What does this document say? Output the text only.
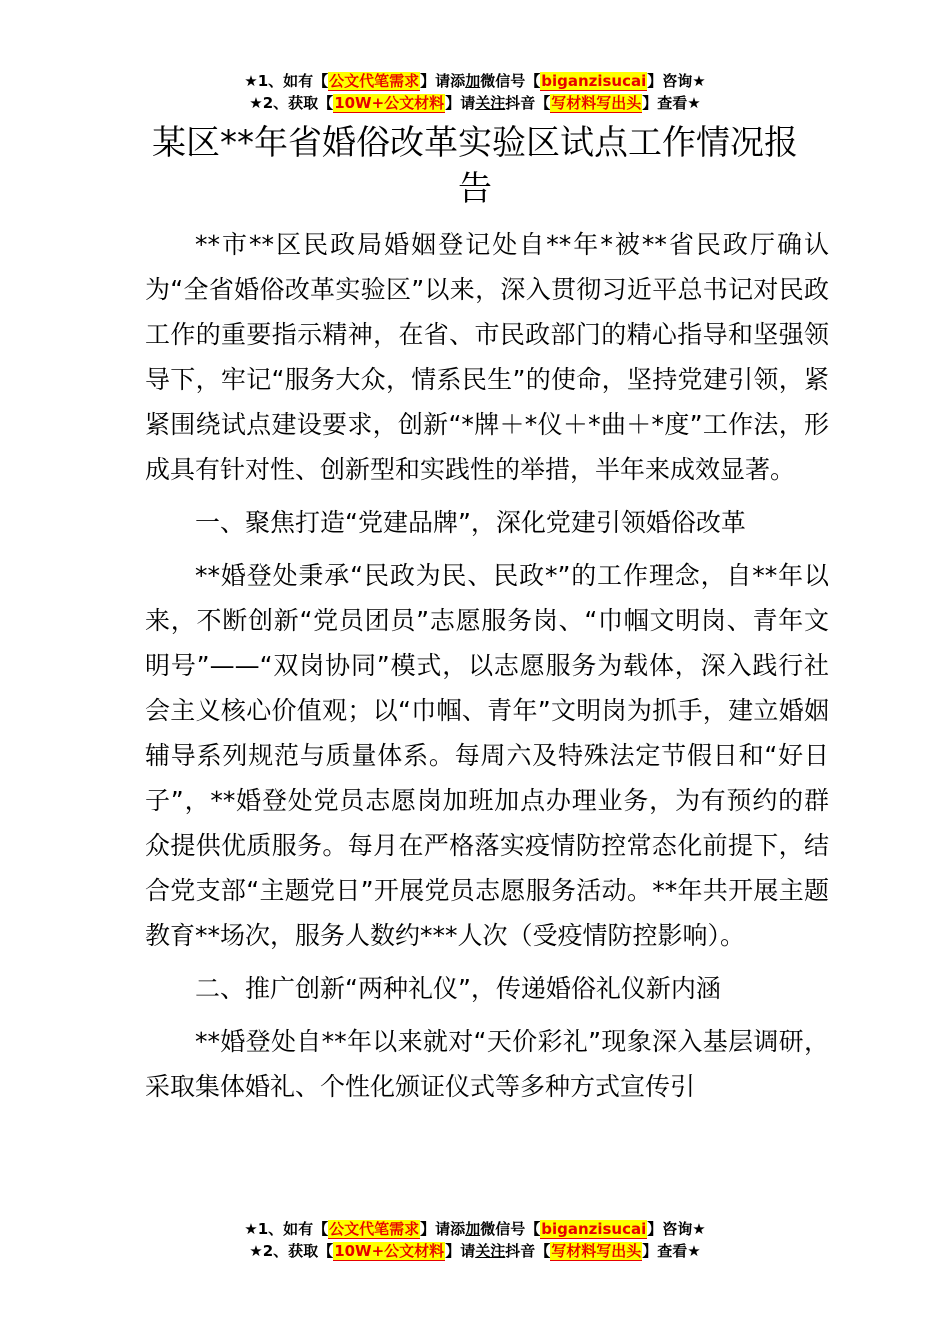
★1、如有【公文代笔需求】请添加微信号【biganzisucai】咨询★
★2、获取【10W+公文材料】请关注抖音【写材料写出头】查看★
某区**年省婚俗改革实验区试点工作情况报告

**市**区民政局婚姻登记处自**年*被**省民政厅确认为“全省婚俗改革实验区”以来，深入贯彻习近平总书记对民政工作的重要指示精神，在省、市民政部门的精心指导和坚强领导下，牢记“服务大众，情系民生”的使命，坚持党建引领，紧紧围绕试点建设要求，创新“*牌＋*仪＋*曲＋*度”工作法，形成具有针对性、创新型和实践性的举措，半年来成效显著。

一、聚焦打造“党建品牌”，深化党建引领婚俗改革

**婚登处秉承“民政为民、民政*”的工作理念，自**年以来，不断创新“党员团员”志愿服务岗、“巾帼文明岗、青年文明号”——“双岗协同”模式，以志愿服务为载体，深入践行社会主义核心价值观；以“巾帼、青年”文明岗为抓手，建立婚姻辅导系列规范与质量体系。每周六及特殊法定节假日和“好日子”，**婚登处党员志愿岗加班加点办理业务，为有预约的群众提供优质服务。每月在严格落实疫情防控常态化前提下，结合党支部“主题党日”开展党员志愿服务活动。**年共开展主题教育**场次，服务人数约***人次（受疫情防控影响）。

二、推广创新“两种礼仪”，传递婚俗礼仪新内涵

**婚登处自**年以来就对“天价彩礼”现象深入基层调研，采取集体婚礼、个性化颁证仪式等多种方式宣传引

★1、如有【公文代笔需求】请添加微信号【biganzisucai】咨询★
★2、获取【10W+公文材料】请关注抖音【写材料写出头】查看★
